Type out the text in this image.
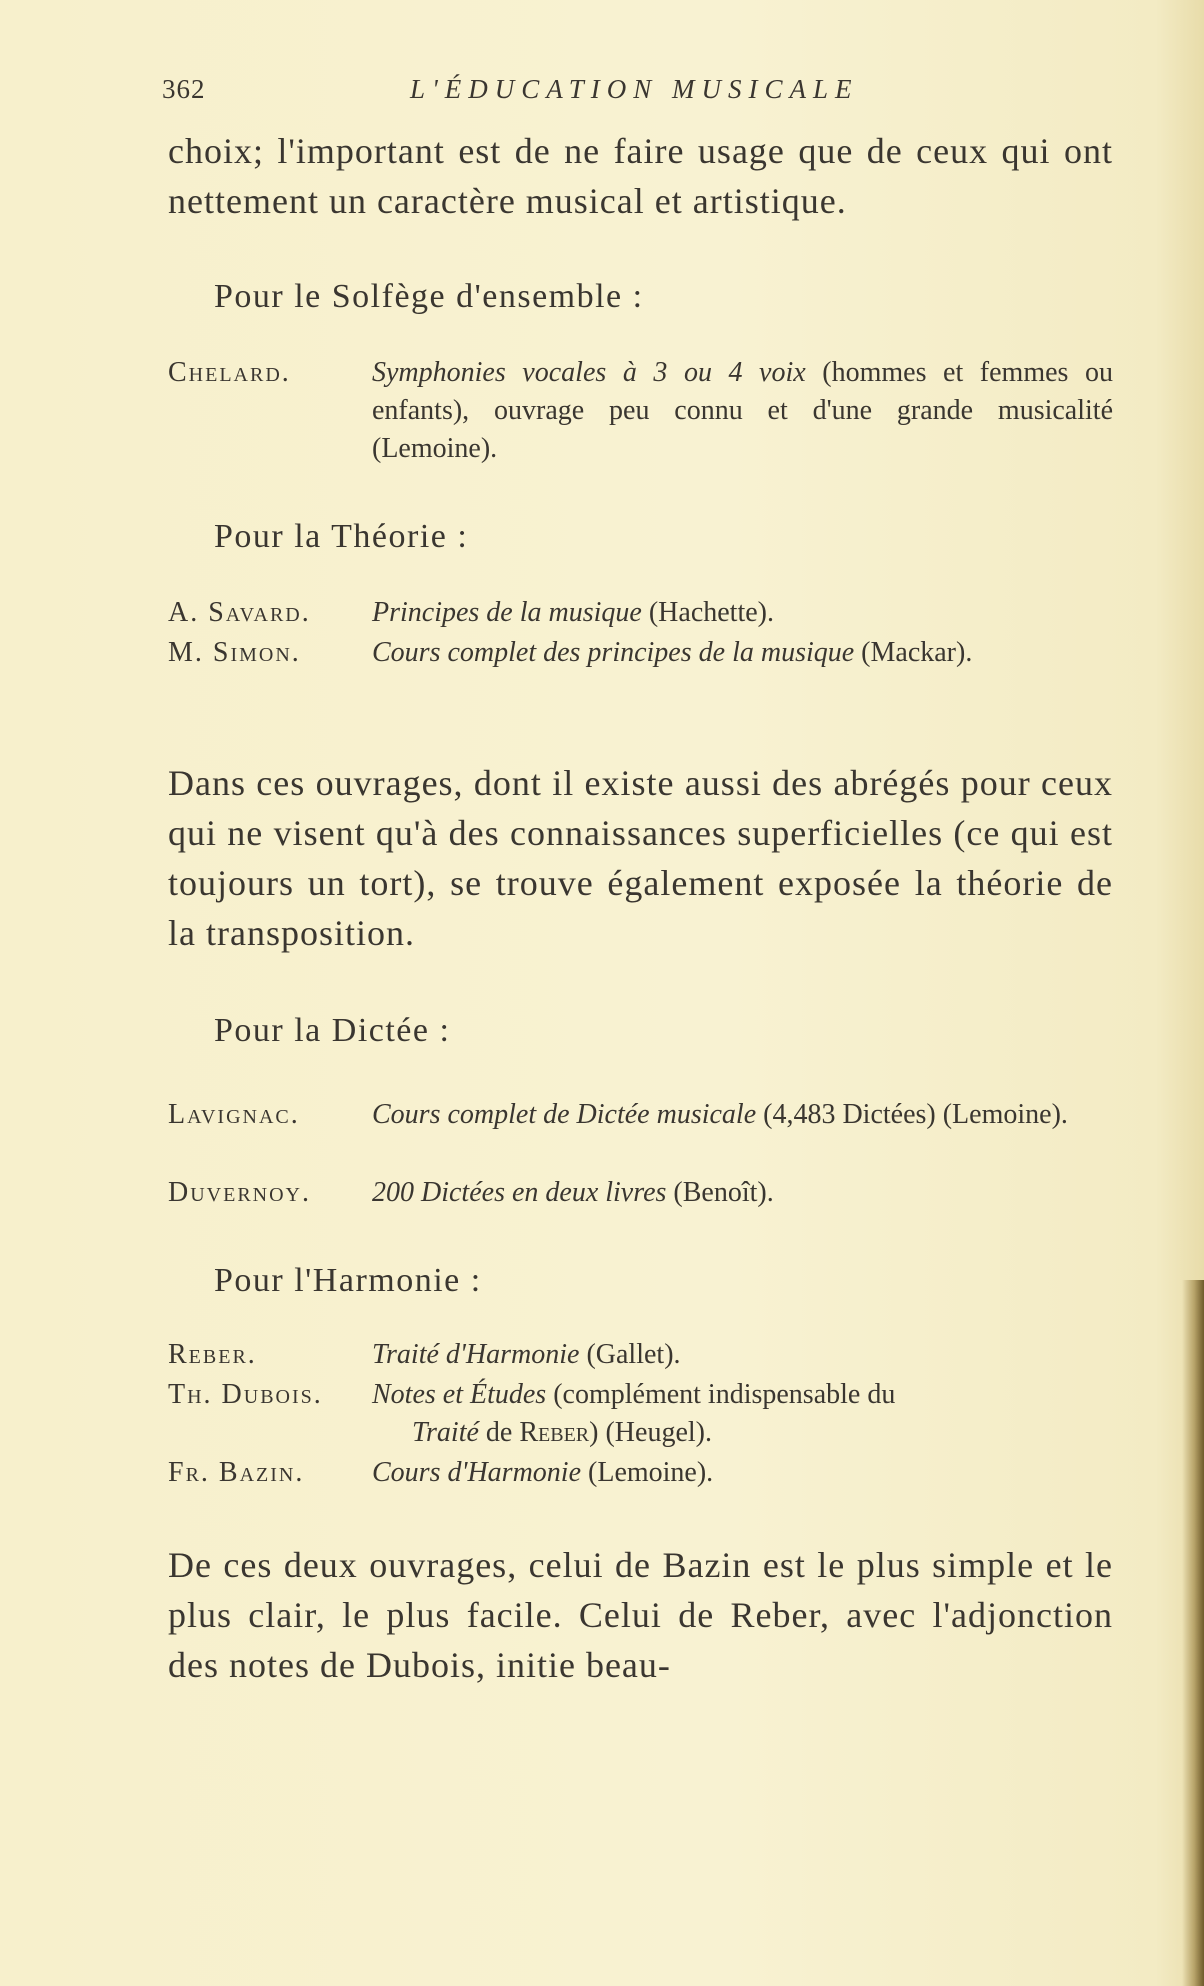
362	L'ÉDUCATION MUSICALE

choix; l'important est de ne faire usage que de ceux qui ont nettement un caractère musical et artistique.

Pour le Solfège d'ensemble :
Chelard.	Symphonies vocales à 3 ou 4 voix (hommes et femmes ou enfants), ouvrage peu connu et d'une grande musicalité (Lemoine).
Pour la Théorie :
A. Savard. Principes de la musique (Hachette).
M. Simon.	Cours complet des principes de la musique (Mackar).

Dans ces ouvrages, dont il existe aussi des abrégés pour ceux qui ne visent qu'à des connaissances superficielles (ce qui est toujours un tort), se trouve également exposée la théorie de la transposition.

Pour la Dictée :
Lavignac.	Cours complet de Dictée musicale (4,483 Dictées) (Lemoine).
Duvernoy. 200 Dictées en deux livres (Benoît).
Pour l'Harmonie :
Reber.	Traité d'Harmonie (Gallet).
Th. Dubois. Notes et Études (complément indispensable du
Traité de Reber) (Heugel).
Fr. Bazin. Cours d'Harmonie (Lemoine).

De ces deux ouvrages, celui de Bazin est le plus simple et le plus clair, le plus facile. Celui de Reber, avec l'adjonction des notes de Dubois, initie beau-
